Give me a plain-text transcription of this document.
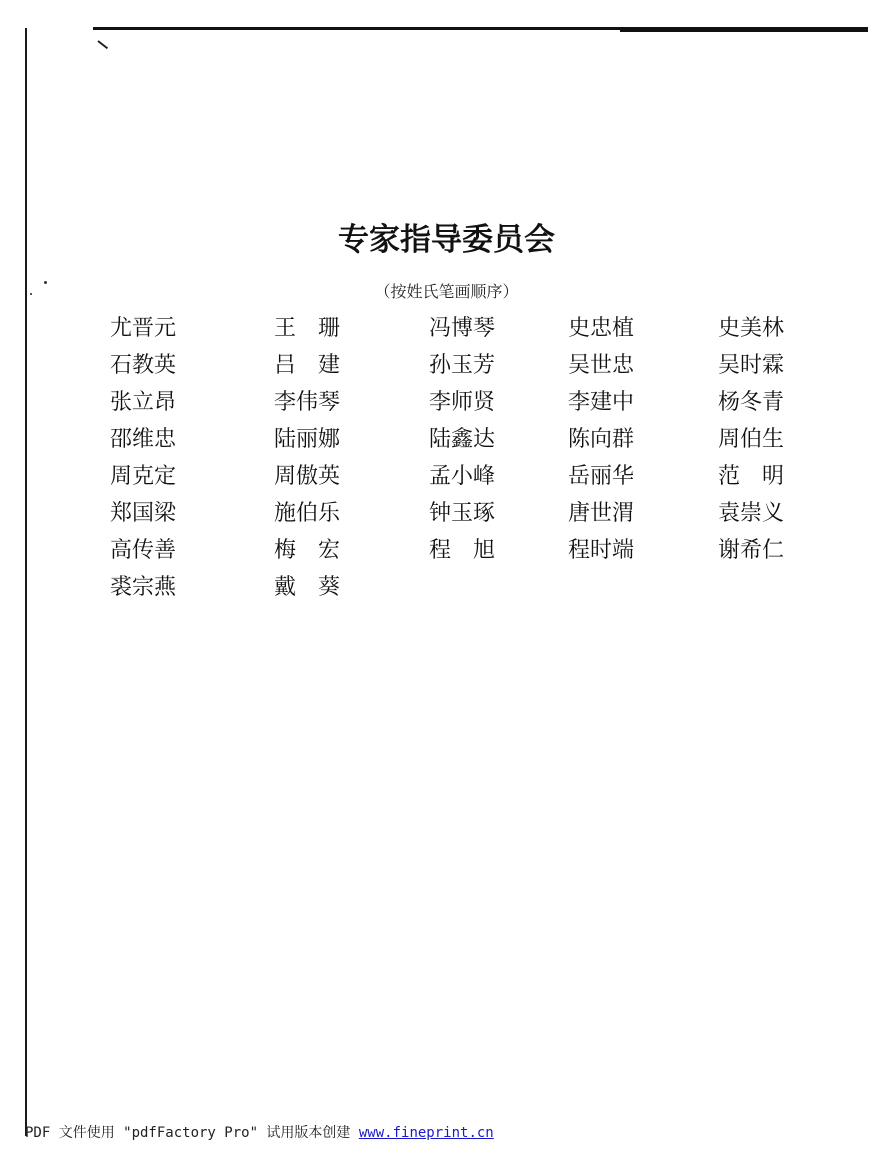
专家指导委员会
（按姓氏笔画顺序）
尤晋元	王　珊	冯博琴	史忠植	史美林
石教英	吕　建	孙玉芳	吴世忠	吴时霖
张立昂	李伟琴	李师贤	李建中	杨冬青
邵维忠	陆丽娜	陆鑫达	陈向群	周伯生
周克定	周傲英	孟小峰	岳丽华	范　明
郑国梁	施伯乐	钟玉琢	唐世渭	袁崇义
高传善	梅　宏	程　旭	程时端	谢希仁
裘宗燕	戴　葵
PDF 文件使用 "pdfFactory Pro" 试用版本创建 www.fineprint.cn
